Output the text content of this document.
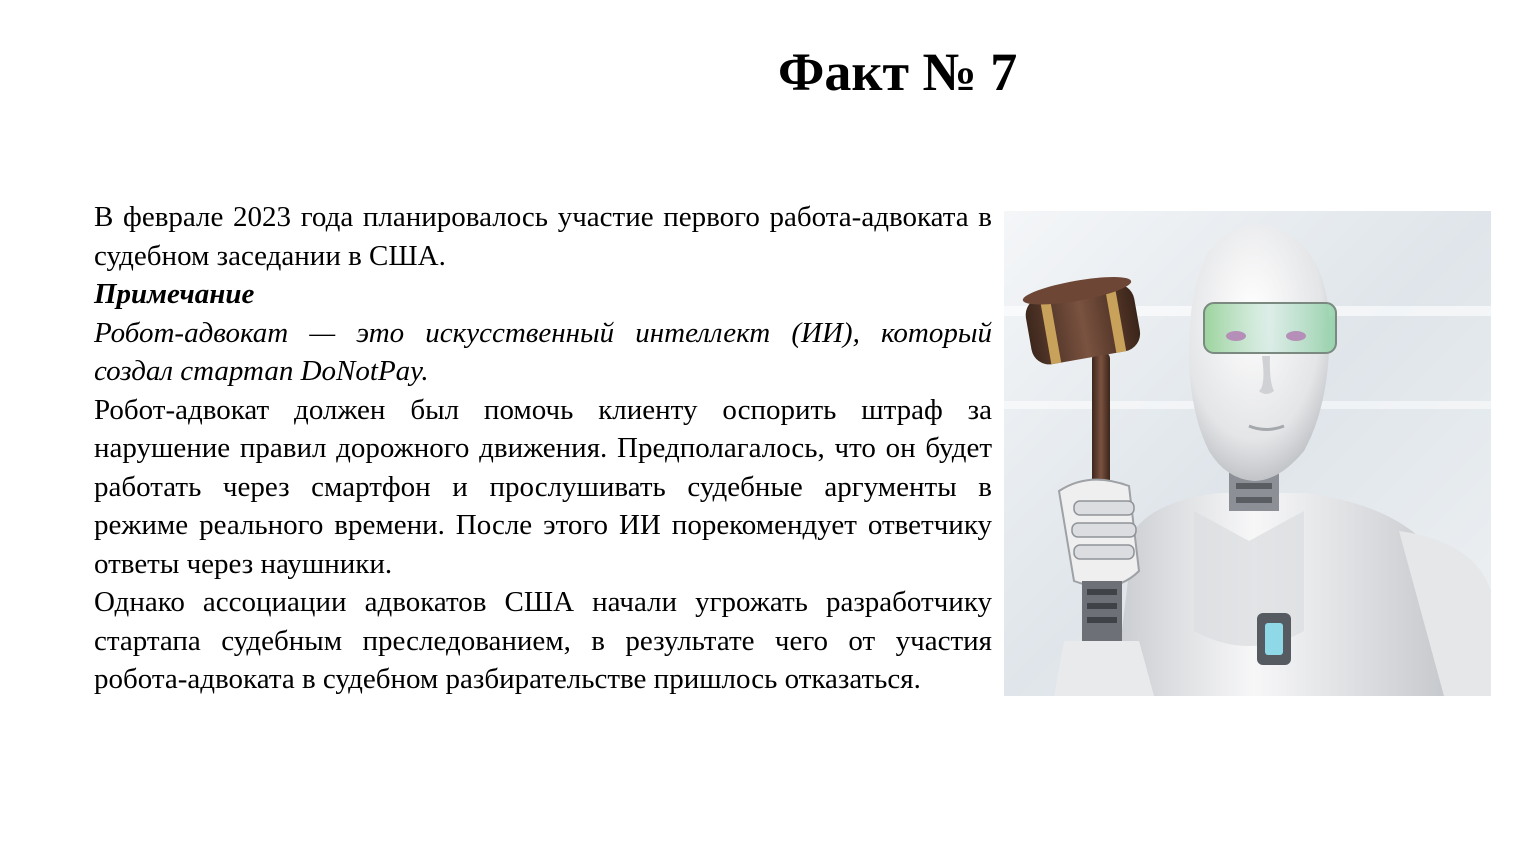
Факт № 7

В феврале 2023 года планировалось участие первого работа-адвоката в судебном заседании в США.

Примечание

Робот-адвокат — это искусственный интеллект (ИИ), который создал стартап DoNotPay.

Робот-адвокат должен был помочь клиенту оспорить штраф за нарушение правил дорожного движения. Предполагалось, что он будет работать через смартфон и прослушивать судебные аргументы в режиме реального времени. После этого ИИ порекомендует ответчику ответы через наушники.

Однако ассоциации адвокатов США начали угрожать разработчику стартапа судебным преследованием, в результате чего от участия робота-адвоката в судебном разбирательстве пришлось отказаться.
